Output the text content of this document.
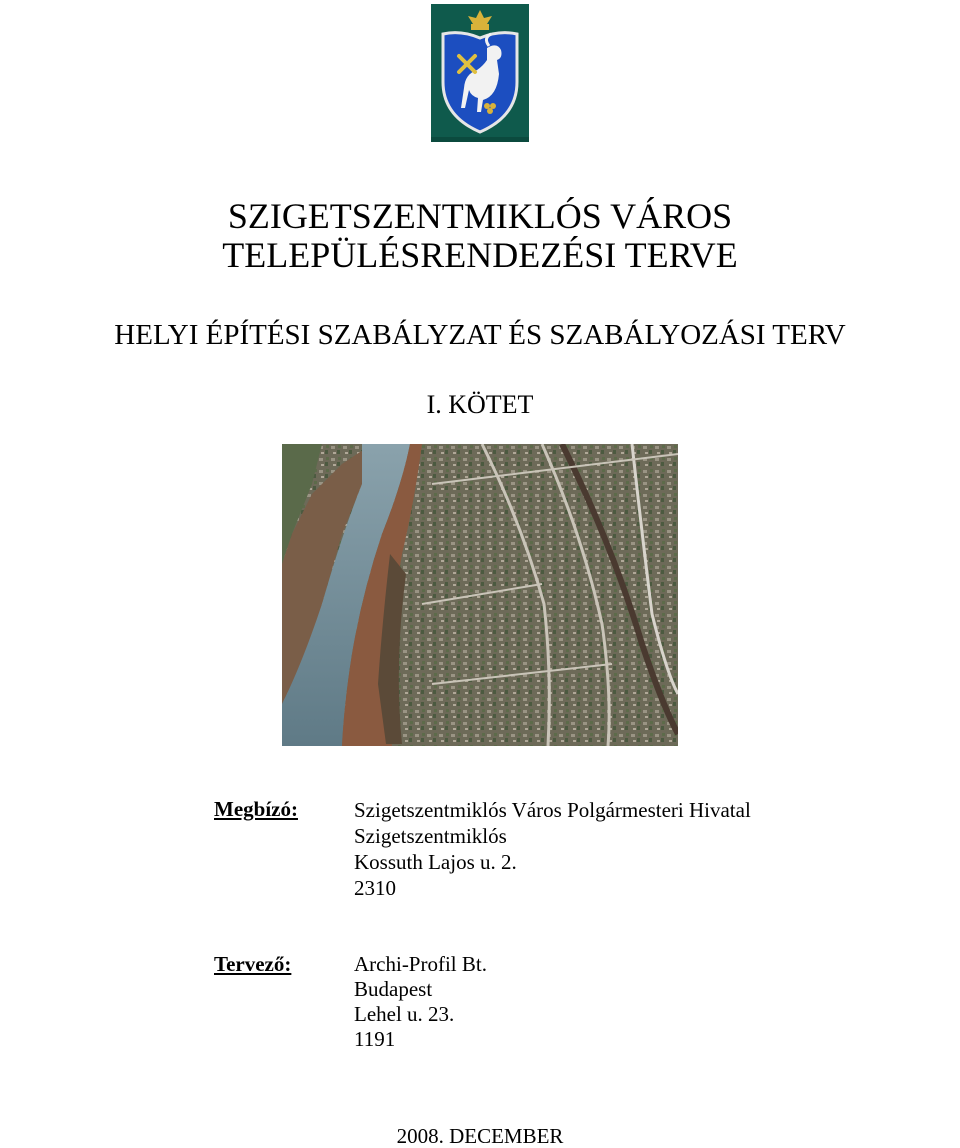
SZIGETSZENTMIKLÓS VÁROS
TELEPÜLÉSRENDEZÉSI TERVE
HELYI ÉPÍTÉSI SZABÁLYZAT ÉS SZABÁLYOZÁSI TERV
I. KÖTET
Megbízó:	Szigetszentmiklós Város Polgármesteri Hivatal
Szigetszentmiklós
Kossuth Lajos u. 2.
2310
Tervező:	Archi-Profil Bt.
Budapest
Lehel u. 23.
1191
2008. DECEMBER
